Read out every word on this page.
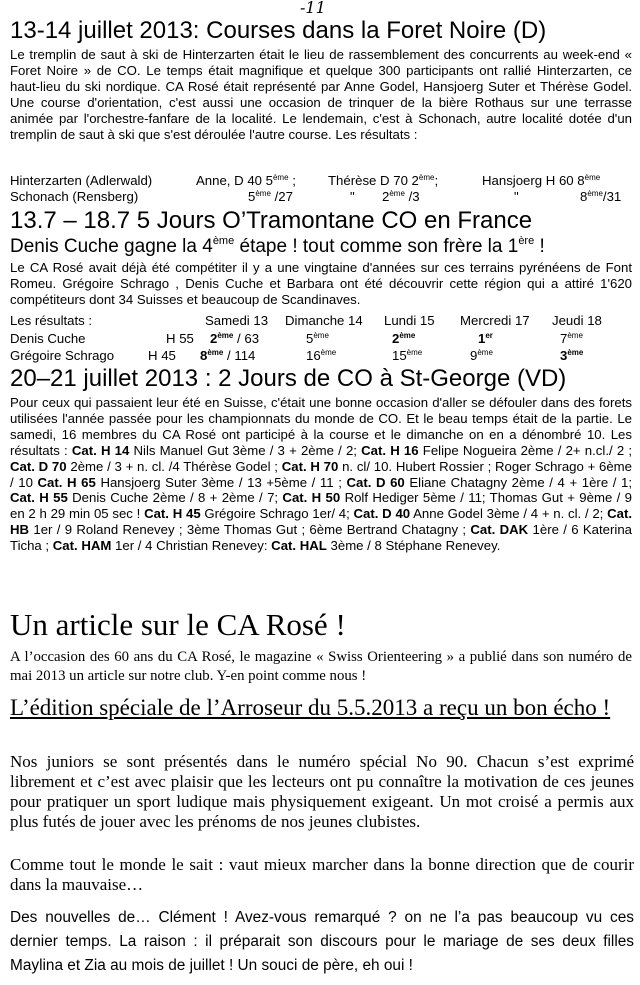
-11
13-14 juillet 2013: Courses dans la Foret Noire (D)
Le tremplin de saut à ski de Hinterzarten était le lieu de rassemblement des concurrents au week-end « Foret Noire » de CO. Le temps était magnifique et quelque 300 participants ont rallié Hinterzarten, ce haut-lieu du ski nordique. CA Rosé était représenté par Anne Godel, Hansjoerg Suter et Thérèse Godel. Une course d'orientation, c'est aussi une occasion de trinquer de la bière Rothaus sur une terrasse animée par l'orchestre-fanfare de la localité. Le lendemain, c'est à Schonach, autre localité dotée d'un tremplin de saut à ski que s'est déroulée l'autre course. Les résultats :
Hinterzarten (Adlerwald)	Anne, D 40 5ème ; Thérèse D 70 2ème;	Hansjoerg H 60 8ème
Schonach (Rensberg)	5ème /27	" 2ème /3	"	8ème/31
13.7 – 18.7 5 Jours O’Tramontane CO en France
Denis Cuche gagne la 4ème étape ! tout comme son frère la 1ère !
Le CA Rosé avait déjà été compétiter il y a une vingtaine d'années sur ces terrains pyrénéens de Font Romeu. Grégoire Schrago , Denis Cuche et Barbara ont été découvrir cette région qui a attiré 1'620 compétiteurs dont 34 Suisses et beaucoup de Scandinaves.
Les résultats :	Samedi 13 Dimanche 14 Lundi 15 Mercredi 17 Jeudi 18
Denis Cuche	H 55 2ème / 63	5ème	2ème	1er	7ème
Grégoire Schrago	H 45 8ème / 114	16ème	15ème	9ème	3ème
20–21 juillet 2013 : 2 Jours de CO à St-George (VD)
Pour ceux qui passaient leur été en Suisse, c'était une bonne occasion d'aller se défouler dans des forets utilisées l'année passée pour les championnats du monde de CO. Et le beau temps était de la partie. Le samedi, 16 membres du CA Rosé ont participé à la course et le dimanche on en a dénombré 10. Les résultats : Cat. H 14 Nils Manuel Gut 3ème / 3 + 2ème / 2; Cat. H 16 Felipe Nogueira 2ème / 2+ n.cl./ 2 ; Cat. D 70 2ème / 3 + n. cl. /4 Thérèse Godel ; Cat. H 70 n. cl/ 10. Hubert Rossier ; Roger Schrago + 6ème / 10 Cat. H 65 Hansjoerg Suter 3ème / 13 +5ème / 11 ; Cat. D 60 Eliane Chatagny 2ème / 4 + 1ère / 1; Cat. H 55 Denis Cuche 2ème / 8 + 2ème / 7; Cat. H 50 Rolf Hediger 5ème / 11; Thomas Gut + 9ème / 9 en 2 h 29 min 05 sec ! Cat. H 45 Grégoire Schrago 1er/ 4; Cat. D 40 Anne Godel 3ème / 4 + n. cl. / 2; Cat. HB 1er / 9 Roland Renevey ; 3ème Thomas Gut ; 6ème Bertrand Chatagny ; Cat. DAK 1ère / 6 Katerina Ticha ; Cat. HAM 1er / 4 Christian Renevey: Cat. HAL 3ème / 8 Stéphane Renevey.
Un article sur le CA Rosé !
A l’occasion des 60 ans du CA Rosé, le magazine « Swiss Orienteering » a publié dans son numéro de mai 2013 un article sur notre club. Y-en point comme nous !
L’édition spéciale de l’Arroseur du 5.5.2013 a reçu un bon écho !
Nos juniors se sont présentés dans le numéro spécial No 90. Chacun s’est exprimé librement et c’est avec plaisir que les lecteurs ont pu connaître la motivation de ces jeunes pour pratiquer un sport ludique mais physiquement exigeant. Un mot croisé a permis aux plus futés de jouer avec les prénoms de nos jeunes clubistes.
Comme tout le monde le sait : vaut mieux marcher dans la bonne direction que de courir dans la mauvaise…
Des nouvelles de… Clément ! Avez-vous remarqué ? on ne l’a pas beaucoup vu ces dernier temps. La raison : il préparait son discours pour le mariage de ses deux filles Maylina et Zia au mois de juillet ! Un souci de père, eh oui !
